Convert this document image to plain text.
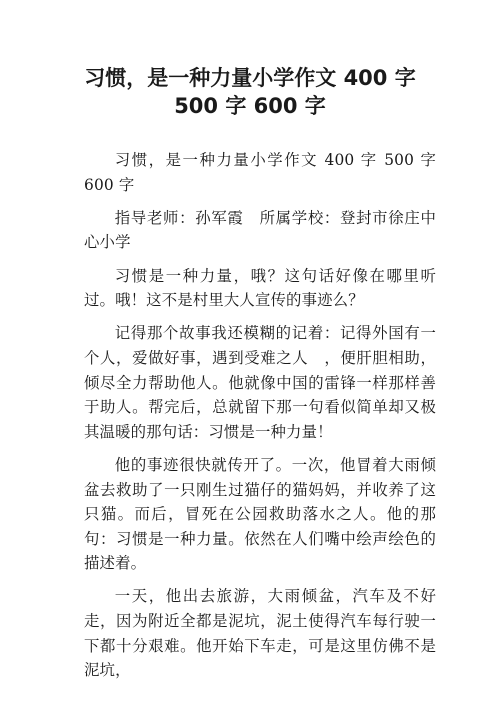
习惯，是一种力量小学作文 400 字
500 字 600 字

习惯，是一种力量小学作文 400 字 500 字 600 字

指导老师：孙军霞　所属学校：登封市徐庄中心小学

习惯是一种力量，哦？这句话好像在哪里听过。哦！这不是村里大人宣传的事迹么？

记得那个故事我还模糊的记着：记得外国有一个人，爱做好事，遇到受难之人　，便肝胆相助，倾尽全力帮助他人。他就像中国的雷锋一样那样善于助人。帮完后，总就留下那一句看似简单却又极其温暖的那句话：习惯是一种力量！

他的事迹很快就传开了。一次，他冒着大雨倾盆去救助了一只刚生过猫仔的猫妈妈，并收养了这只猫。而后，冒死在公园救助落水之人。他的那句：习惯是一种力量。依然在人们嘴中绘声绘色的描述着。

一天，他出去旅游，大雨倾盆，汽车及不好走，因为附近全都是泥坑，泥土使得汽车每行驶一下都十分艰难。他开始下车走，可是这里仿佛不是泥坑，
